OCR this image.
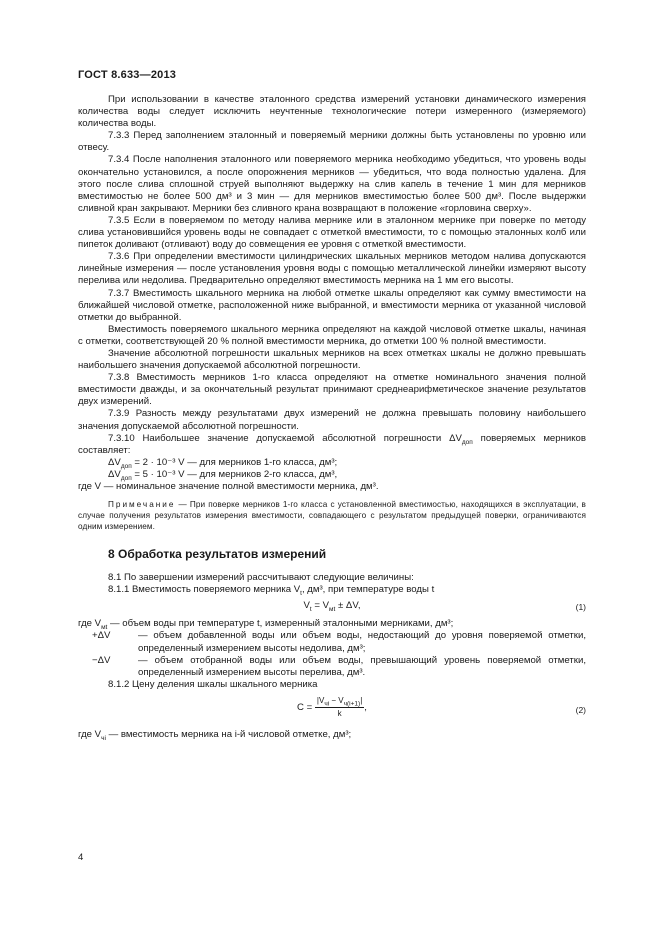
ГОСТ 8.633—2013

При использовании в качестве эталонного средства измерений установки динамического измерения количества воды следует исключить неучтенные технологические потери измеренного (измеряемого) количества воды.

7.3.3 Перед заполнением эталонный и поверяемый мерники должны быть установлены по уровню или отвесу.

7.3.4 После наполнения эталонного или поверяемого мерника необходимо убедиться, что уровень воды окончательно установился, а после опорожнения мерников — убедиться, что вода полностью удалена. Для этого после слива сплошной струей выполняют выдержку на слив капель в течение 1 мин для мерников вместимостью не более 500 дм³ и 3 мин — для мерников вместимостью более 500 дм³. После выдержки сливной кран закрывают. Мерники без сливного крана возвращают в положение «горловина сверху».

7.3.5 Если в поверяемом по методу налива мернике или в эталонном мернике при поверке по методу слива установившийся уровень воды не совпадает с отметкой вместимости, то с помощью эталонных колб или пипеток доливают (отливают) воду до совмещения ее уровня с отметкой вместимости.

7.3.6 При определении вместимости цилиндрических шкальных мерников методом налива допускаются линейные измерения — после установления уровня воды с помощью металлической линейки измеряют высоту перелива или недолива. Предварительно определяют вместимость мерника на 1 мм его высоты.

7.3.7 Вместимость шкального мерника на любой отметке шкалы определяют как сумму вместимости на ближайшей числовой отметке, расположенной ниже выбранной, и вместимости мерника от указанной числовой отметки до выбранной.

Вместимость поверяемого шкального мерника определяют на каждой числовой отметке шкалы, начиная с отметки, соответствующей 20 % полной вместимости мерника, до отметки 100 % полной вместимости.

Значение абсолютной погрешности шкальных мерников на всех отметках шкалы не должно превышать наибольшего значения допускаемой абсолютной погрешности.

7.3.8 Вместимость мерников 1-го класса определяют на отметке номинального значения полной вместимости дважды, и за окончательный результат принимают среднеарифметическое значение результатов двух измерений.

7.3.9 Разность между результатами двух измерений не должна превышать половину наибольшего значения допускаемой абсолютной погрешности.

7.3.10 Наибольшее значение допускаемой абсолютной погрешности $\Delta V_{доп}$ поверяемых мерников составляет:

$\Delta V_{доп} = 2 \cdot 10^{-3}$ V — для мерников 1-го класса, дм³;

$\Delta V_{доп} = 5 \cdot 10^{-3}$ V — для мерников 2-го класса, дм³,

где V — номинальное значение полной вместимости мерника, дм³.

Примечание — При поверке мерников 1-го класса с установленной вместимостью, находящихся в эксплуатации, в случае получения результатов измерения вместимости, совпадающего с результатом предыдущей поверки, ограничиваются одним измерением.

8 Обработка результатов измерений

8.1 По завершении измерений рассчитывают следующие величины:

8.1.1 Вместимость поверяемого мерника $V_t$, дм³, при температуре воды t

$V_t = V_{мt} \pm \Delta V$,	(1)

где $V_{мt}$ — объем воды при температуре t, измеренный эталонными мерниками, дм³;

+ΔV	— объем добавленной воды или объем воды, недостающий до уровня поверяемой отметки, определенный измерением высоты недолива, дм³;

−ΔV	— объем отобранной воды или объем воды, превышающий уровень поверяемой отметки, определенный измерением высоты перелива, дм³.

8.1.2 Цену деления шкалы шкального мерника

$C = \frac{|V_{чi} - V_{ч(i+1)}|}{k}$ ,	(2)

где $V_{чi}$ — вместимость мерника на i-й числовой отметке, дм³;

4
